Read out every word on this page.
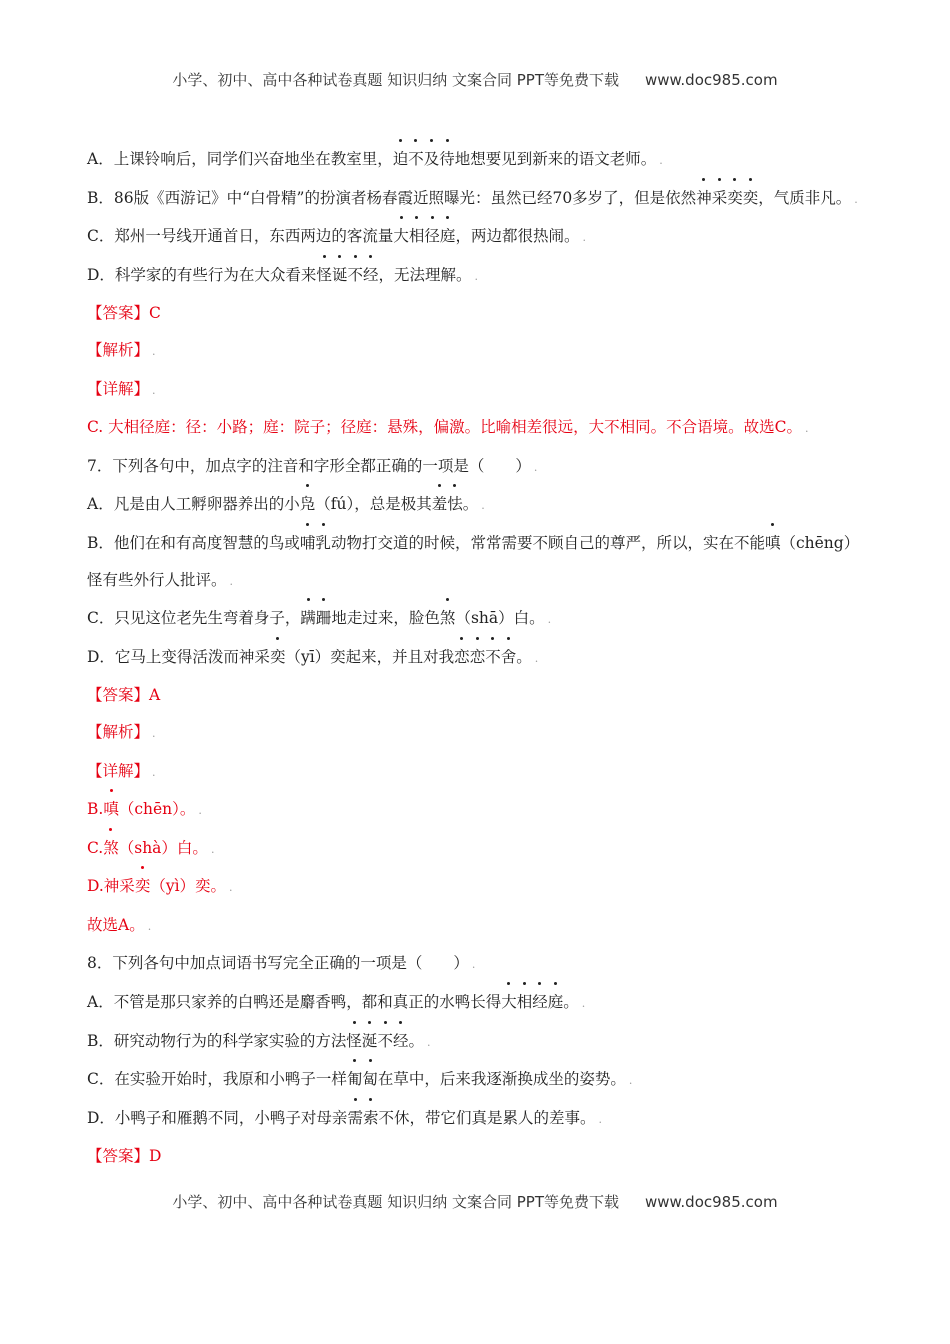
小学、初中、高中各种试卷真题 知识归纳 文案合同 PPT等免费下载 www.doc985.com
A．上课铃响后，同学们兴奋地坐在教室里，迫不及待地想要见到新来的语文老师。 .
B．86版《西游记》中“白骨精”的扮演者杨春霞近照曝光：虽然已经70多岁了，但是依然神采奕奕，气质非凡。 .
C．郑州一号线开通首日，东西两边的客流量大相径庭，两边都很热闹。 .
D．科学家的有些行为在大众看来怪诞不经，无法理解。 .
【答案】C
【解析】 .
【详解】 .
C. 大相径庭：径：小路；庭：院子；径庭：悬殊，偏激。比喻相差很远，大不相同。不合语境。故选C。 .
7．下列各句中，加点字的注音和字形全都正确的一项是（　　） .
A．凡是由人工孵卵器养出的小凫（fú），总是极其羞怯。 .
B．他们在和有高度智慧的鸟或哺乳动物打交道的时候，常常需要不顾自己的尊严，所以，实在不能嗔（chēng）怪有些外行人批评。 .
C．只见这位老先生弯着身子，蹒跚地走过来，脸色煞（shā）白。 .
D．它马上变得活泼而神采奕（yī）奕起来，并且对我恋恋不舍。 .
【答案】A
【解析】 .
【详解】 .
B.嗔（chēn）。 .
C.煞（shà）白。 .
D.神采奕（yì）奕。 .
故选A。 .
8．下列各句中加点词语书写完全正确的一项是（　　） .
A．不管是那只家养的白鸭还是麝香鸭，都和真正的水鸭长得大相经庭。 .
B．研究动物行为的科学家实验的方法怪涎不经。 .
C．在实验开始时，我原和小鸭子一样匍匐在草中，后来我逐渐换成坐的姿势。 .
D．小鸭子和雁鹅不同，小鸭子对母亲需索不休，带它们真是累人的差事。 .
【答案】D
小学、初中、高中各种试卷真题 知识归纳 文案合同 PPT等免费下载 www.doc985.com
